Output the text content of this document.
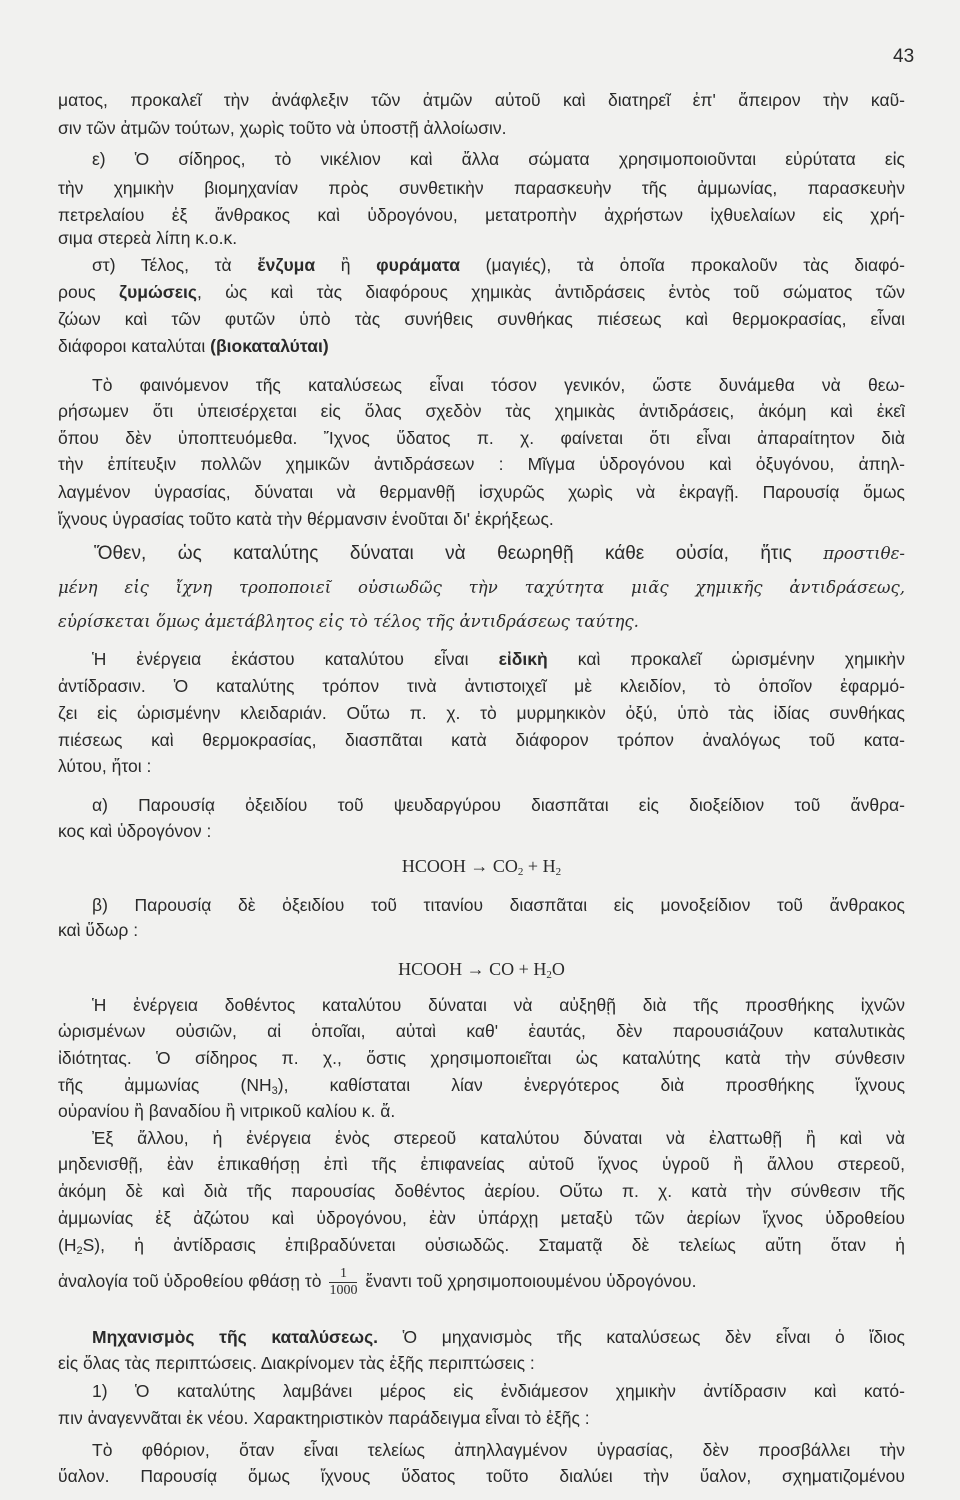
43
ματος, προκαλεῖ τὴν ἀνάφλεξιν τῶν ἀτμῶν αὐτοῦ καὶ διατηρεῖ ἐπ' ἄπειρον τὴν καῦ-
σιν τῶν ἀτμῶν τούτων, χωρὶς τοῦτο νὰ ὑποστῇ ἀλλοίωσιν.
ε) Ὁ σίδηρος, τὸ νικέλιον καὶ ἄλλα σώματα χρησιμοποιοῦνται εὐρύτατα εἰς
τὴν χημικὴν βιομηχανίαν πρὸς συνθετικὴν παρασκευὴν τῆς ἀμμωνίας, παρασκευὴν
πετρελαίου ἐξ ἄνθρακος καὶ ὑδρογόνου, μετατροπὴν ἀχρήστων ἰχθυελαίων εἰς χρή-
σιμα στερεὰ λίπη κ.ο.κ.
στ) Τέλος, τὰ ἔνζυμα ἢ φυράματα (μαγιές), τὰ ὁποῖα προκαλοῦν τὰς διαφό-
ρους ζυμώσεις, ὡς καὶ τὰς διαφόρους χημικὰς ἀντιδράσεις ἐντὸς τοῦ σώματος τῶν
ζώων καὶ τῶν φυτῶν ὑπὸ τὰς συνήθεις συνθήκας πιέσεως καὶ θερμοκρασίας, εἶναι
διάφοροι καταλύται (βιοκαταλύται)
Τὸ φαινόμενον τῆς καταλύσεως εἶναι τόσον γενικόν, ὥστε δυνάμεθα νὰ θεω-
ρήσωμεν ὅτι ὑπεισέρχεται εἰς ὅλας σχεδὸν τὰς χημικὰς ἀντιδράσεις, ἀκόμη καὶ ἐκεῖ
ὅπου δὲν ὑποπτευόμεθα. Ἴχνος ὕδατος π. χ. φαίνεται ὅτι εἶναι ἀπαραίτητον διὰ
τὴν ἐπίτευξιν πολλῶν χημικῶν ἀντιδράσεων : Μῖγμα ὑδρογόνου καὶ ὀξυγόνου, ἀπηλ-
λαγμένον ὑγρασίας, δύναται νὰ θερμανθῇ ἰσχυρῶς χωρὶς νὰ ἐκραγῇ. Παρουσίᾳ ὅμως
ἴχνους ὑγρασίας τοῦτο κατὰ τὴν θέρμανσιν ἑνοῦται δι' ἐκρήξεως.
Ὅθεν, ὡς καταλύτης δύναται νὰ θεωρηθῇ κάθε οὐσία, ἥτις προστιθε-
μένη εἰς ἴχνη τροποποιεῖ οὐσιωδῶς τὴν ταχύτητα μιᾶς χημικῆς ἀντιδράσεως,
εὑρίσκεται ὅμως ἀμετάβλητος εἰς τὸ τέλος τῆς ἀντιδράσεως ταύτης.
Ἡ ἐνέργεια ἑκάστου καταλύτου εἶναι εἰδικὴ καὶ προκαλεῖ ὡρισμένην χημικὴν
ἀντίδρασιν. Ὁ καταλύτης τρόπον τινὰ ἀντιστοιχεῖ μὲ κλειδίον, τὸ ὁποῖον ἐφαρμό-
ζει εἰς ὡρισμένην κλειδαριάν. Οὕτω π. χ. τὸ μυρμηκικὸν ὀξύ, ὑπὸ τὰς ἰδίας συνθήκας
πιέσεως καὶ θερμοκρασίας, διασπᾶται κατὰ διάφορον τρόπον ἀναλόγως τοῦ κατα-
λύτου, ἤτοι :
α) Παρουσίᾳ ὀξειδίου τοῦ ψευδαργύρου διασπᾶται εἰς διοξείδιον τοῦ ἄνθρα-
κος καὶ ὑδρογόνον :
HCOOH → $CO_2 + H_2$
β) Παρουσίᾳ δὲ ὀξειδίου τοῦ τιτανίου διασπᾶται εἰς μονοξείδιον τοῦ ἄνθρακος
καὶ ὕδωρ :
HCOOH → CO + $H_2O$
Ἡ ἐνέργεια δοθέντος καταλύτου δύναται νὰ αὐξηθῇ διὰ τῆς προσθήκης ἰχνῶν
ὡρισμένων οὐσιῶν, αἱ ὁποῖαι, αὐταὶ καθ' ἑαυτάς, δὲν παρουσιάζουν καταλυτικὰς
ἰδιότητας. Ὁ σίδηρος π. χ., ὅστις χρησιμοποιεῖται ὡς καταλύτης κατὰ τὴν σύνθεσιν
τῆς ἀμμωνίας $(NH_3)$, καθίσταται λίαν ἐνεργότερος διὰ προσθήκης ἴχνους
οὐρανίου ἢ βαναδίου ἢ νιτρικοῦ καλίου κ. ἄ.
Ἐξ ἄλλου, ἡ ἐνέργεια ἑνὸς στερεοῦ καταλύτου δύναται νὰ ἐλαττωθῇ ἢ καὶ νὰ
μηδενισθῇ, ἐὰν ἐπικαθήσῃ ἐπὶ τῆς ἐπιφανείας αὐτοῦ ἴχνος ὑγροῦ ἢ ἄλλου στερεοῦ,
ἀκόμη δὲ καὶ διὰ τῆς παρουσίας δοθέντος ἀερίου. Οὕτω π. χ. κατὰ τὴν σύνθεσιν τῆς
ἀμμωνίας ἐξ ἀζώτου καὶ ὑδρογόνου, ἐὰν ὑπάρχῃ μεταξὺ τῶν ἀερίων ἴχνος ὑδροθείου
$(H_2S)$, ἡ ἀντίδρασις ἐπιβραδύνεται οὐσιωδῶς. Σταματᾷ δὲ τελείως αὔτη ὅταν ἡ
ἀναλογία τοῦ ὑδροθείου φθάσῃ τὸ $\frac{1}{1000}$ ἔναντι τοῦ χρησιμοποιουμένου ὑδρογόνου.
Μηχανισμὸς τῆς καταλύσεως. Ὁ μηχανισμὸς τῆς καταλύσεως δὲν εἶναι ὁ ἴδιος
εἰς ὅλας τὰς περιπτώσεις. Διακρίνομεν τὰς ἑξῆς περιπτώσεις :
1) Ὁ καταλύτης λαμβάνει μέρος εἰς ἐνδιάμεσον χημικὴν ἀντίδρασιν καὶ κατό-
πιν ἀναγεννᾶται ἐκ νέου. Χαρακτηριστικὸν παράδειγμα εἶναι τὸ ἑξῆς :
Τὸ φθόριον, ὅταν εἶναι τελείως ἀπηλλαγμένον ὑγρασίας, δὲν προσβάλλει τὴν
ὕαλον. Παρουσίᾳ ὅμως ἴχνους ὕδατος τοῦτο διαλύει τὴν ὕαλον, σχηματιζομένου
